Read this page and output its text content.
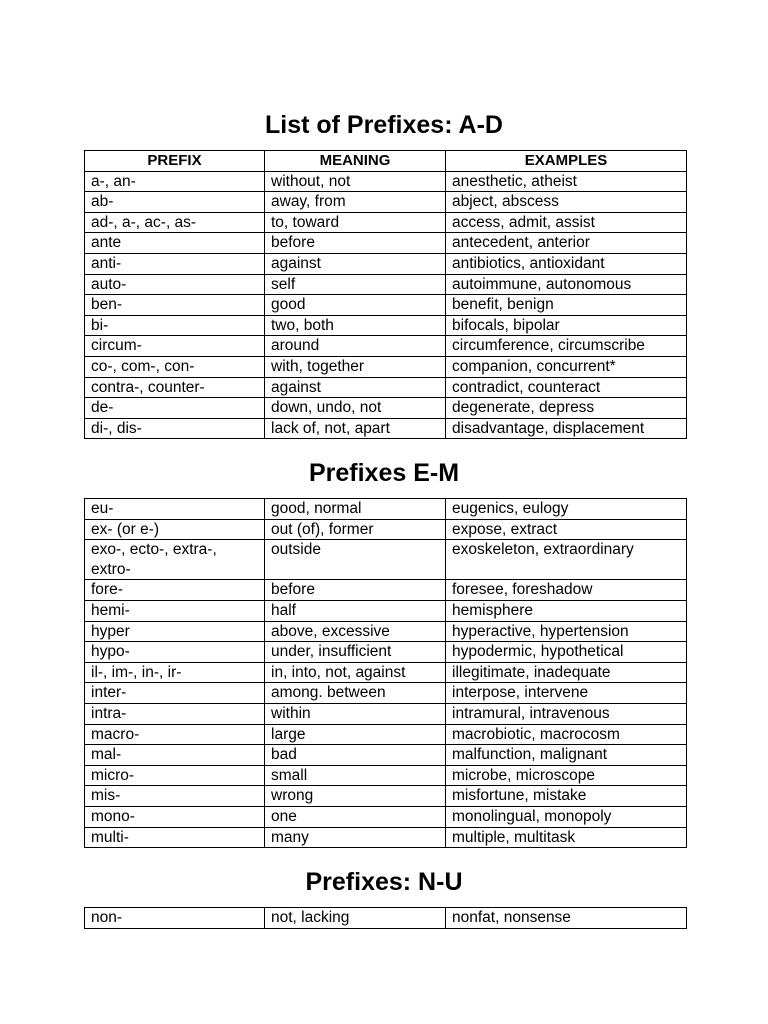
List of Prefixes: A-D
PREFIX	MEANING	EXAMPLES
a-, an-	without, not	anesthetic, atheist
ab-	away, from	abject, abscess
ad-, a-, ac-, as-	to, toward	access, admit, assist
ante	before	antecedent, anterior
anti-	against	antibiotics, antioxidant
auto-	self	autoimmune, autonomous
ben-	good	benefit, benign
bi-	two, both	bifocals, bipolar
circum-	around	circumference, circumscribe
co-, com-, con-	with, together	companion, concurrent*
contra-, counter-	against	contradict, counteract
de-	down, undo, not	degenerate, depress
di-, dis-	lack of, not, apart	disadvantage, displacement
Prefixes E-M
eu-	good, normal	eugenics, eulogy
ex- (or e-)	out (of), former	expose, extract
exo-, ecto-, extra-, extro-	outside	exoskeleton, extraordinary
fore-	before	foresee, foreshadow
hemi-	half	hemisphere
hyper	above, excessive	hyperactive, hypertension
hypo-	under, insufficient	hypodermic, hypothetical
il-, im-, in-, ir-	in, into, not, against	illegitimate, inadequate
inter-	among. between	interpose, intervene
intra-	within	intramural, intravenous
macro-	large	macrobiotic, macrocosm
mal-	bad	malfunction, malignant
micro-	small	microbe, microscope
mis-	wrong	misfortune, mistake
mono-	one	monolingual, monopoly
multi-	many	multiple, multitask
Prefixes: N-U
non-	not, lacking	nonfat, nonsense
